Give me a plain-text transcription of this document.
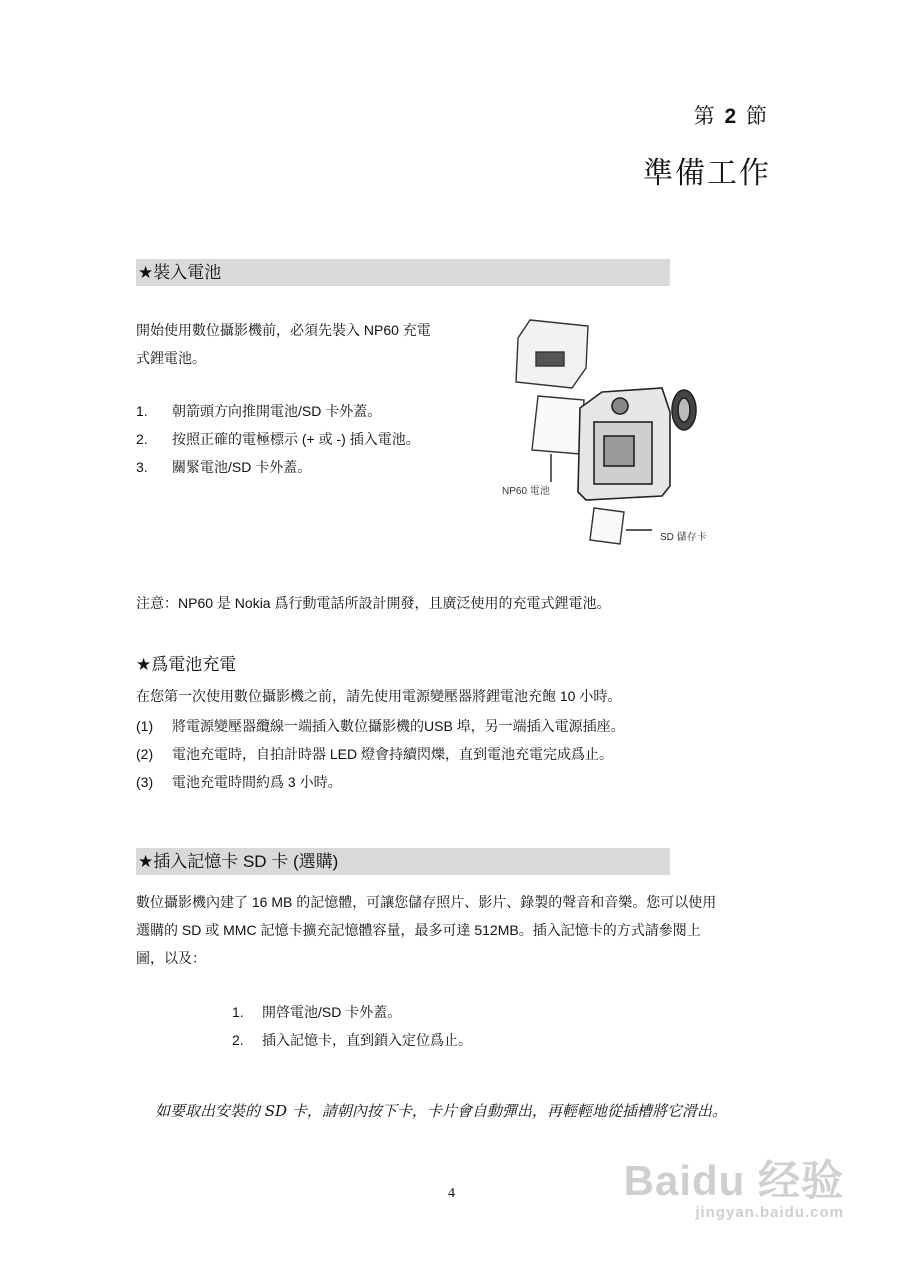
第 2 節
準備工作
★裝入電池
開始使用數位攝影機前，必須先裝入 NP60 充電
式鋰電池。
1. 朝箭頭方向推開電池/SD 卡外蓋。
2. 按照正確的電極標示 (+ 或 -) 插入電池。
3. 關緊電池/SD 卡外蓋。
NP60 電池
SD 儲存卡
注意：NP60 是 Nokia 爲行動電話所設計開發，且廣泛使用的充電式鋰電池。
★爲電池充電
在您第一次使用數位攝影機之前，請先使用電源變壓器將鋰電池充飽 10 小時。
(1) 將電源變壓器纜線一端插入數位攝影機的USB 埠，另一端插入電源插座。
(2) 電池充電時，自拍計時器 LED 燈會持續閃爍，直到電池充電完成爲止。
(3) 電池充電時間約爲 3 小時。
★插入記憶卡 SD 卡 (選購)
數位攝影機內建了 16 MB 的記憶體，可讓您儲存照片、影片、錄製的聲音和音樂。您可以使用
選購的 SD 或 MMC 記憶卡擴充記憶體容量，最多可達 512MB。插入記憶卡的方式請參閱上
圖，以及：
1. 開啓電池/SD 卡外蓋。
2. 插入記憶卡，直到鎖入定位爲止。
如要取出安裝的 SD 卡，請朝內按下卡，卡片會自動彈出，再輕輕地從插槽將它滑出。
4	Baidu 经验
jingyan.baidu.com
